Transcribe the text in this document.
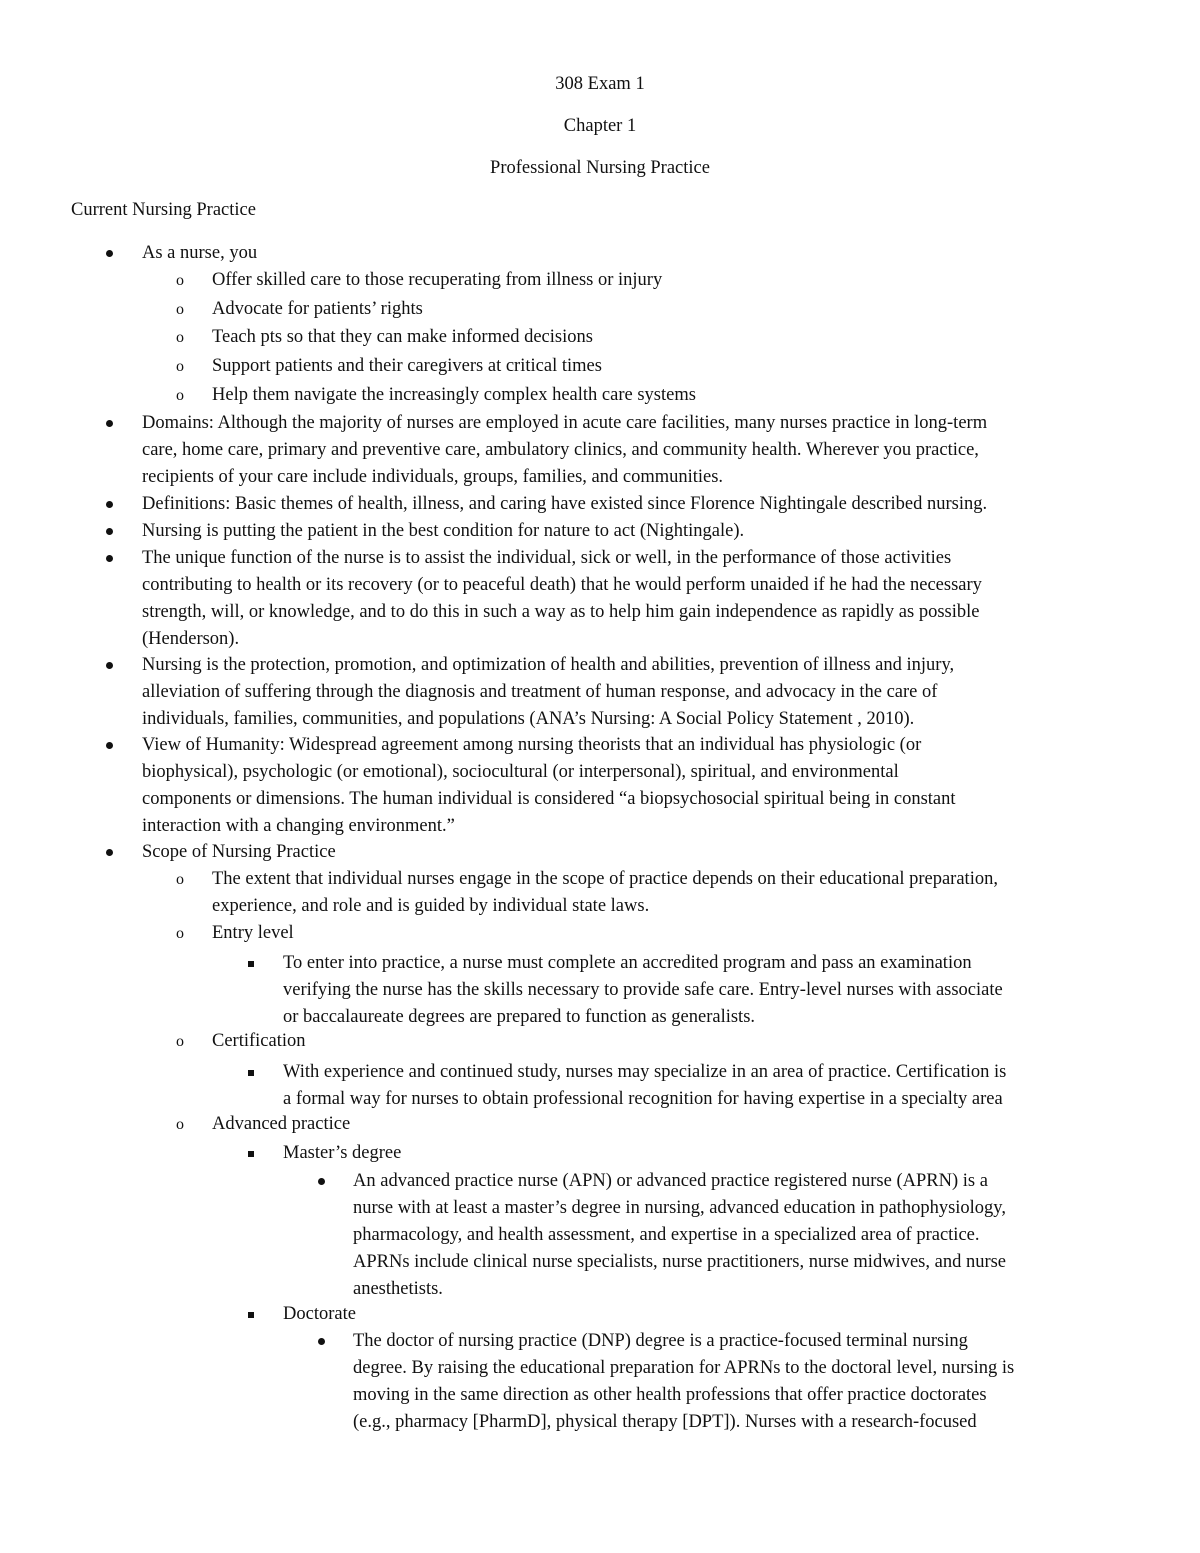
308 Exam 1
Chapter 1
Professional Nursing Practice
Current Nursing Practice
As a nurse, you
o Offer skilled care to those recuperating from illness or injury
o Advocate for patients’ rights
o Teach pts so that they can make informed decisions
o Support patients and their caregivers at critical times
o Help them navigate the increasingly complex health care systems
Domains: Although the majority of nurses are employed in acute care facilities, many nurses practice in long-term
care, home care, primary and preventive care, ambulatory clinics, and community health. Wherever you practice,
recipients of your care include individuals, groups, families, and communities.
Definitions: Basic themes of health, illness, and caring have existed since Florence Nightingale described nursing.
Nursing is putting the patient in the best condition for nature to act (Nightingale).
The unique function of the nurse is to assist the individual, sick or well, in the performance of those activities
contributing to health or its recovery (or to peaceful death) that he would perform unaided if he had the necessary
strength, will, or knowledge, and to do this in such a way as to help him gain independence as rapidly as possible
(Henderson).
Nursing is the protection, promotion, and optimization of health and abilities, prevention of illness and injury,
alleviation of suffering through the diagnosis and treatment of human response, and advocacy in the care of
individuals, families, communities, and populations (ANA’s Nursing: A Social Policy Statement , 2010).
View of Humanity: Widespread agreement among nursing theorists that an individual has physiologic (or
biophysical), psychologic (or emotional), sociocultural (or interpersonal), spiritual, and environmental
components or dimensions. The human individual is considered “a biopsychosocial spiritual being in constant
interaction with a changing environment.”
Scope of Nursing Practice
o The extent that individual nurses engage in the scope of practice depends on their educational preparation,
experience, and role and is guided by individual state laws.
o Entry level
To enter into practice, a nurse must complete an accredited program and pass an examination
verifying the nurse has the skills necessary to provide safe care. Entry-level nurses with associate
or baccalaureate degrees are prepared to function as generalists.
o Certification
With experience and continued study, nurses may specialize in an area of practice. Certification is
a formal way for nurses to obtain professional recognition for having expertise in a specialty area
o Advanced practice
Master’s degree
An advanced practice nurse (APN) or advanced practice registered nurse (APRN) is a
nurse with at least a master’s degree in nursing, advanced education in pathophysiology,
pharmacology, and health assessment, and expertise in a specialized area of practice.
APRNs include clinical nurse specialists, nurse practitioners, nurse midwives, and nurse
anesthetists.
Doctorate
The doctor of nursing practice (DNP) degree is a practice-focused terminal nursing
degree. By raising the educational preparation for APRNs to the doctoral level, nursing is
moving in the same direction as other health professions that offer practice doctorates
(e.g., pharmacy [PharmD], physical therapy [DPT]). Nurses with a research-focused
